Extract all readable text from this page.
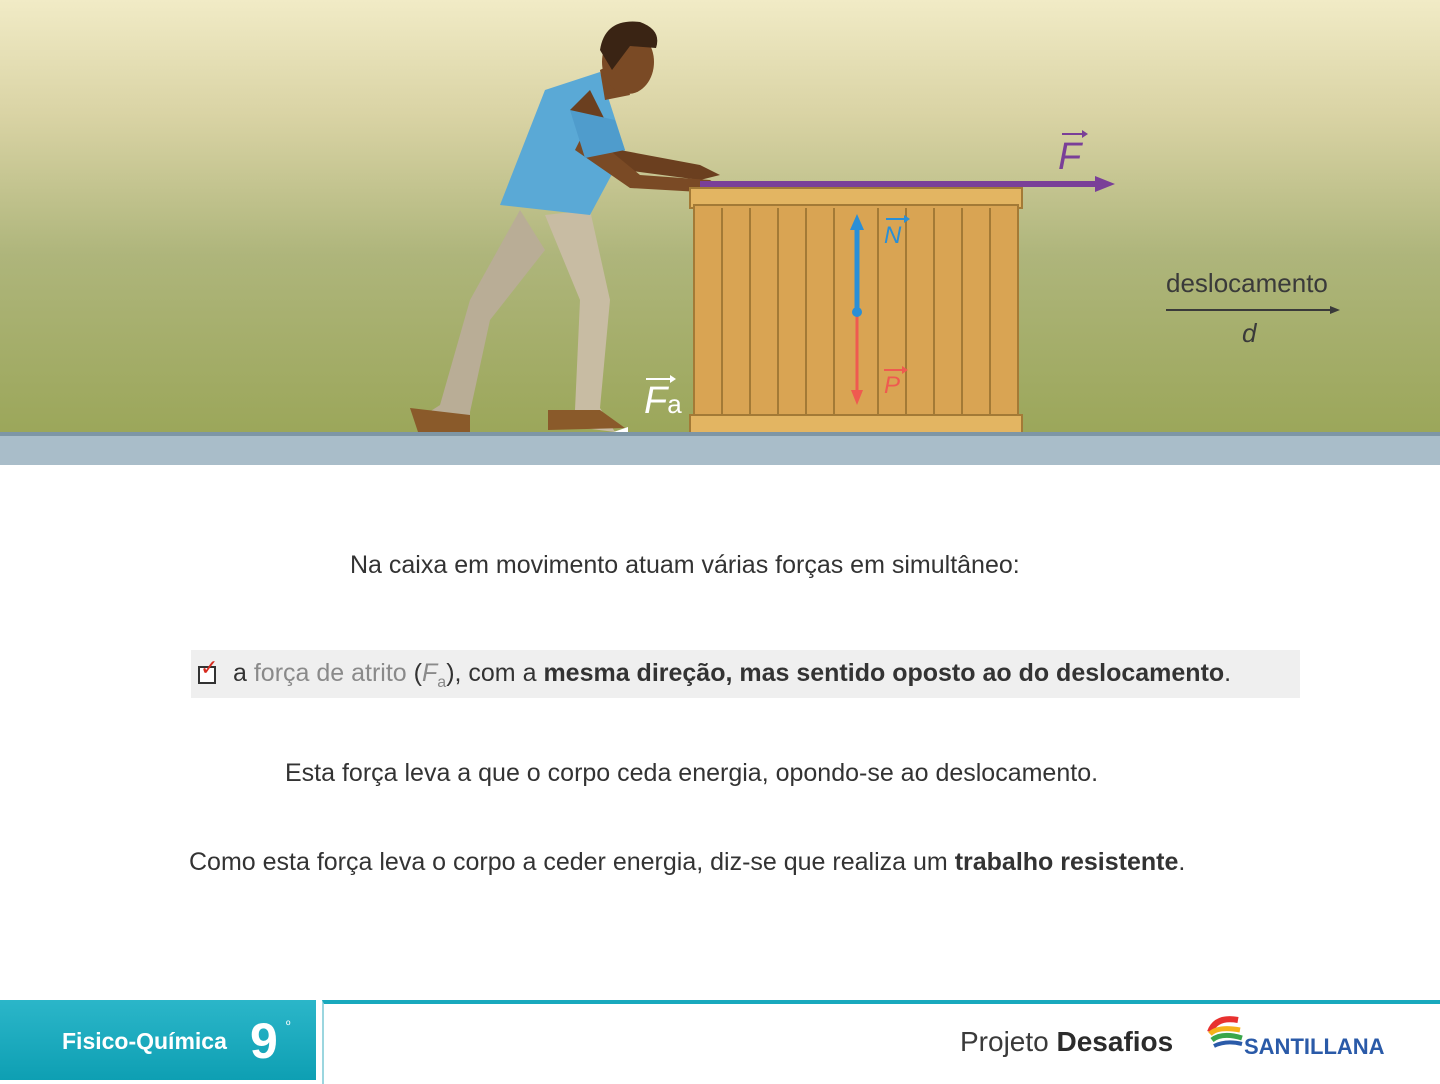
F
N
P
Fa
deslocamento
d
Na caixa em movimento atuam várias forças em simultâneo:
✓ a força de atrito $(F_a)$, com a mesma direção, mas sentido oposto ao do deslocamento.
Esta força leva a que o corpo ceda energia, opondo-se ao deslocamento.
Como esta força leva o corpo a ceder energia, diz-se que realiza um trabalho resistente.
Fisico-Química 9 º
Projeto Desafios	SANTILLANA
